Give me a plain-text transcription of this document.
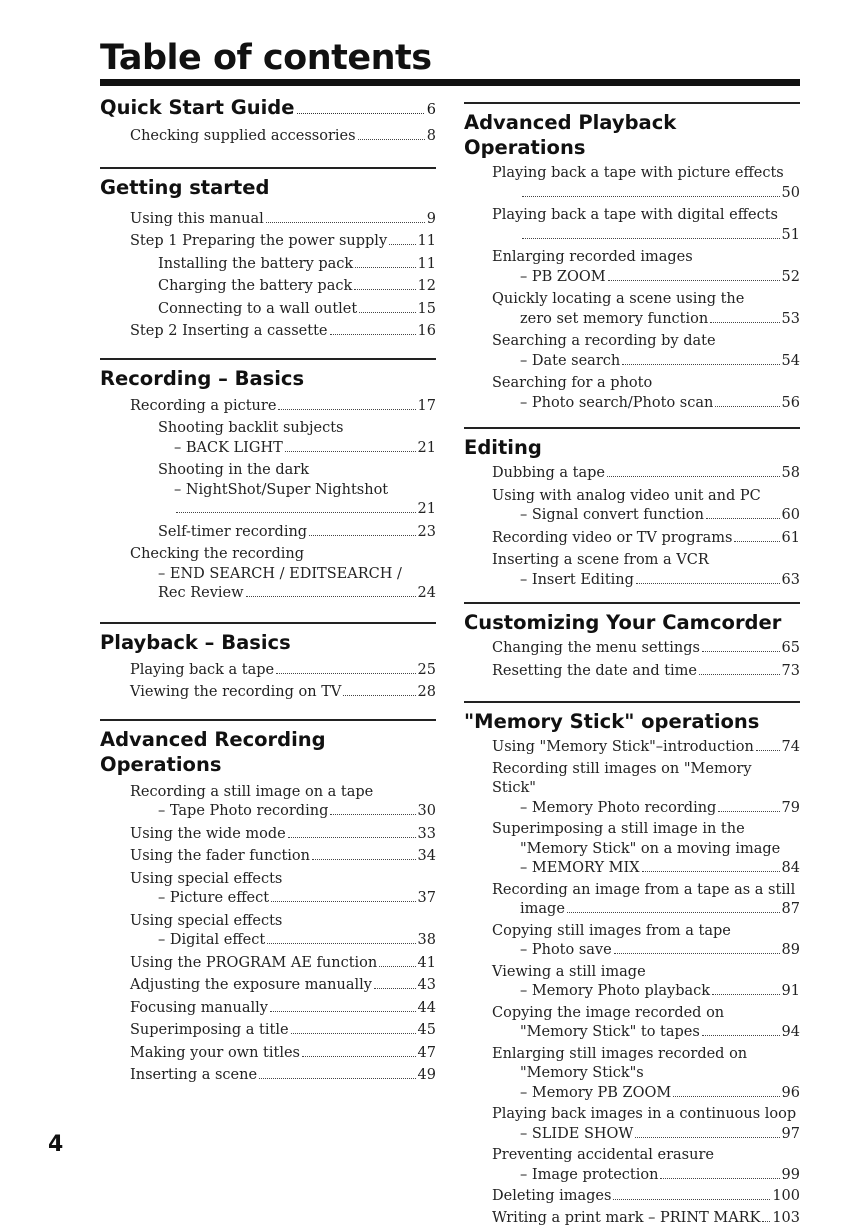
Table of contents
Quick Start Guide	6
Checking supplied accessories	8
Getting started
Using this manual	9
Step 1 Preparing the power supply 11
Installing the battery pack	11
Charging the battery pack	12
Connecting to a wall outlet	15
Step 2 Inserting a cassette	16
Recording – Basics
Recording a picture	17
Shooting backlit subjects
– BACK LIGHT	21
Shooting in the dark
– NightShot/Super Nightshot
21
Self-timer recording	23
Checking the recording
– END SEARCH / EDITSEARCH /
Rec Review	24
Playback – Basics
Playing back a tape	25
Viewing the recording on TV	28
Advanced Recording
Operations
Recording a still image on a tape
– Tape Photo recording	30
Using the wide mode	33
Using the fader function	34
Using special effects
– Picture effect	37
Using special effects
– Digital effect	38
Using the PROGRAM AE function	41
Adjusting the exposure manually	43
Focusing manually	44
Superimposing a title	45
Making your own titles	47
Inserting a scene	49
Advanced Playback Operations
Playing back a tape with picture effects
50
Playing back a tape with digital effects
51
Enlarging recorded images
– PB ZOOM	52
Quickly locating a scene using the
zero set memory function	53
Searching a recording by date
– Date search	54
Searching for a photo
– Photo search/Photo scan	56
Editing
Dubbing a tape	58
Using with analog video unit and PC
– Signal convert function	60
Recording video or TV programs	61
Inserting a scene from a VCR
– Insert Editing	63
Customizing Your Camcorder
Changing the menu settings	65
Resetting the date and time	73
"Memory Stick" operations
Using "Memory Stick"–introduction 74
Recording still images on "Memory Stick"
– Memory Photo recording	79
Superimposing a still image in the
"Memory Stick" on a moving image
– MEMORY MIX	84
Recording an image from a tape as a still
image	87
Copying still images from a tape
– Photo save	89
Viewing a still image
– Memory Photo playback	91
Copying the image recorded on
"Memory Stick" to tapes	94
Enlarging still images recorded on
"Memory Stick"s
– Memory PB ZOOM	96
Playing back images in a continuous loop
– SLIDE SHOW	97
Preventing accidental erasure
– Image protection	99
Deleting images	100
Writing a print mark – PRINT MARK 103
4
